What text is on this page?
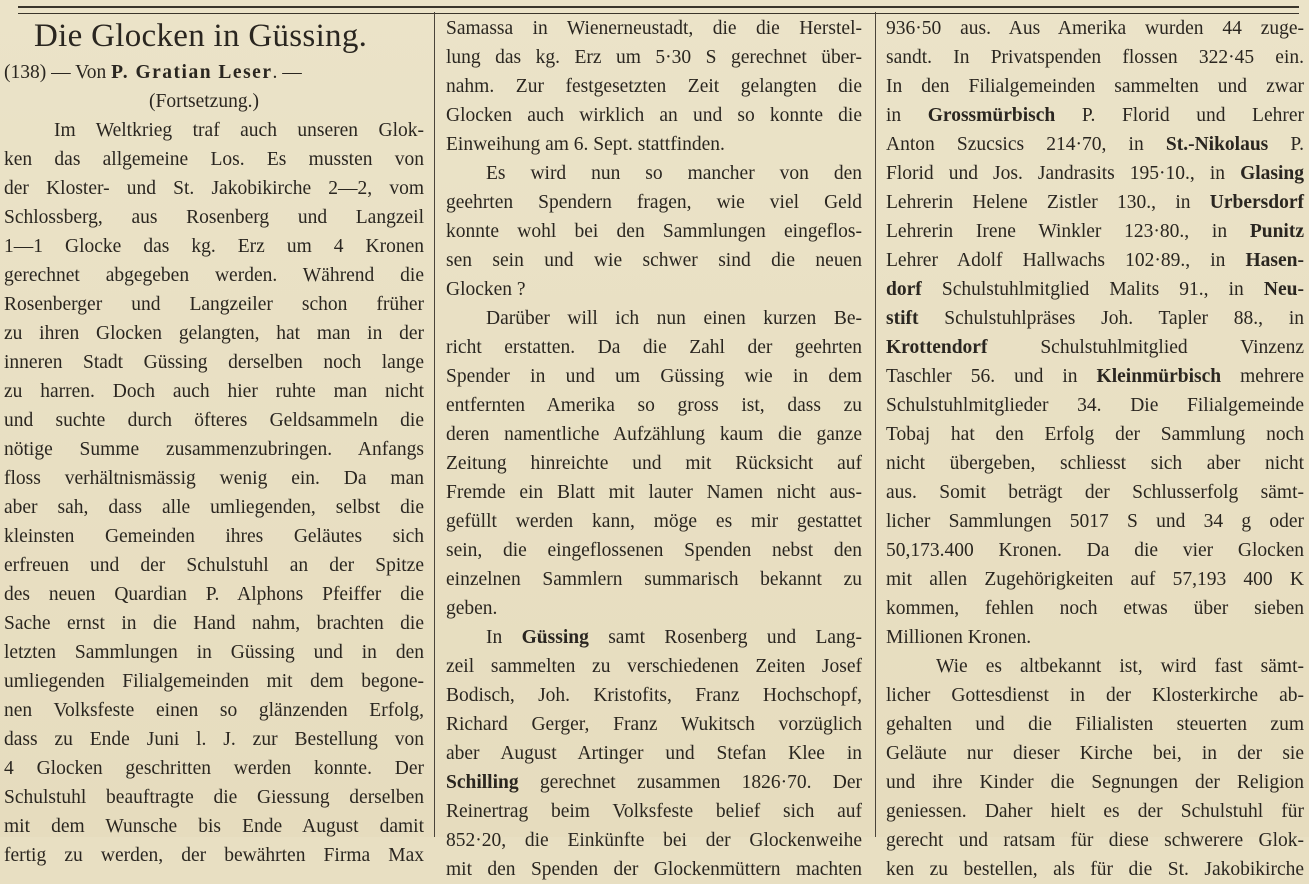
Die Glocken in Güssing.
(138) — Von P. Gratian Leser. —
(Fortsetzung.)
Im Weltkrieg traf auch unseren Glok-
ken das allgemeine Los. Es mussten von
der Kloster- und St. Jakobikirche 2—2, vom
Schlossberg, aus Rosenberg und Langzeil
1—1 Glocke das kg. Erz um 4 Kronen
gerechnet abgegeben werden. Während die
Rosenberger und Langzeiler schon früher
zu ihren Glocken gelangten, hat man in der
inneren Stadt Güssing derselben noch lange
zu harren. Doch auch hier ruhte man nicht
und suchte durch öfteres Geldsammeln die
nötige Summe zusammenzubringen. Anfangs
floss verhältnismässig wenig ein. Da man
aber sah, dass alle umliegenden, selbst die
kleinsten Gemeinden ihres Geläutes sich
erfreuen und der Schulstuhl an der Spitze
des neuen Quardian P. Alphons Pfeiffer die
Sache ernst in die Hand nahm, brachten die
letzten Sammlungen in Güssing und in den
umliegenden Filialgemeinden mit dem begone-
nen Volksfeste einen so glänzenden Erfolg,
dass zu Ende Juni l. J. zur Bestellung von
4 Glocken geschritten werden konnte. Der
Schulstuhl beauftragte die Giessung derselben
mit dem Wunsche bis Ende August damit
fertig zu werden, der bewährten Firma Max
Samassa in Wienerneustadt, die die Herstel-
lung das kg. Erz um 5·30 S gerechnet über-
nahm. Zur festgesetzten Zeit gelangten die
Glocken auch wirklich an und so konnte die
Einweihung am 6. Sept. stattfinden.
Es wird nun so mancher von den
geehrten Spendern fragen, wie viel Geld
konnte wohl bei den Sammlungen eingeflos-
sen sein und wie schwer sind die neuen
Glocken ?
Darüber will ich nun einen kurzen Be-
richt erstatten. Da die Zahl der geehrten
Spender in und um Güssing wie in dem
entfernten Amerika so gross ist, dass zu
deren namentliche Aufzählung kaum die ganze
Zeitung hinreichte und mit Rücksicht auf
Fremde ein Blatt mit lauter Namen nicht aus-
gefüllt werden kann, möge es mir gestattet
sein, die eingeflossenen Spenden nebst den
einzelnen Sammlern summarisch bekannt zu
geben.
In Güssing samt Rosenberg und Lang-
zeil sammelten zu verschiedenen Zeiten Josef
Bodisch, Joh. Kristofits, Franz Hochschopf,
Richard Gerger, Franz Wukitsch vorzüglich
aber August Artinger und Stefan Klee in
Schilling gerechnet zusammen 1826·70. Der
Reinertrag beim Volksfeste belief sich auf
852·20, die Einkünfte bei der Glockenweihe
mit den Spenden der Glockenmüttern machten
936·50 aus. Aus Amerika wurden 44 zuge-
sandt. In Privatspenden flossen 322·45 ein.
In den Filialgemeinden sammelten und zwar
in Grossmürbisch P. Florid und Lehrer
Anton Szucsics 214·70, in St.-Nikolaus P.
Florid und Jos. Jandrasits 195·10., in Glasing
Lehrerin Helene Zistler 130., in Urbersdorf
Lehrerin Irene Winkler 123·80., in Punitz
Lehrer Adolf Hallwachs 102·89., in Hasen-
dorf Schulstuhlmitglied Malits 91., in Neu-
stift Schulstuhlpräses Joh. Tapler 88., in
Krottendorf Schulstuhlmitglied Vinzenz
Taschler 56. und in Kleinmürbisch mehrere
Schulstuhlmitglieder 34. Die Filialgemeinde
Tobaj hat den Erfolg der Sammlung noch
nicht übergeben, schliesst sich aber nicht
aus. Somit beträgt der Schlusserfolg sämt-
licher Sammlungen 5017 S und 34 g oder
50,173.400 Kronen. Da die vier Glocken
mit allen Zugehörigkeiten auf 57,193 400 K
kommen, fehlen noch etwas über sieben
Millionen Kronen.
Wie es altbekannt ist, wird fast sämt-
licher Gottesdienst in der Klosterkirche ab-
gehalten und die Filialisten steuerten zum
Geläute nur dieser Kirche bei, in der sie
und ihre Kinder die Segnungen der Religion
geniessen. Daher hielt es der Schulstuhl für
gerecht und ratsam für diese schwerere Glok-
ken zu bestellen, als für die St. Jakobikirche
